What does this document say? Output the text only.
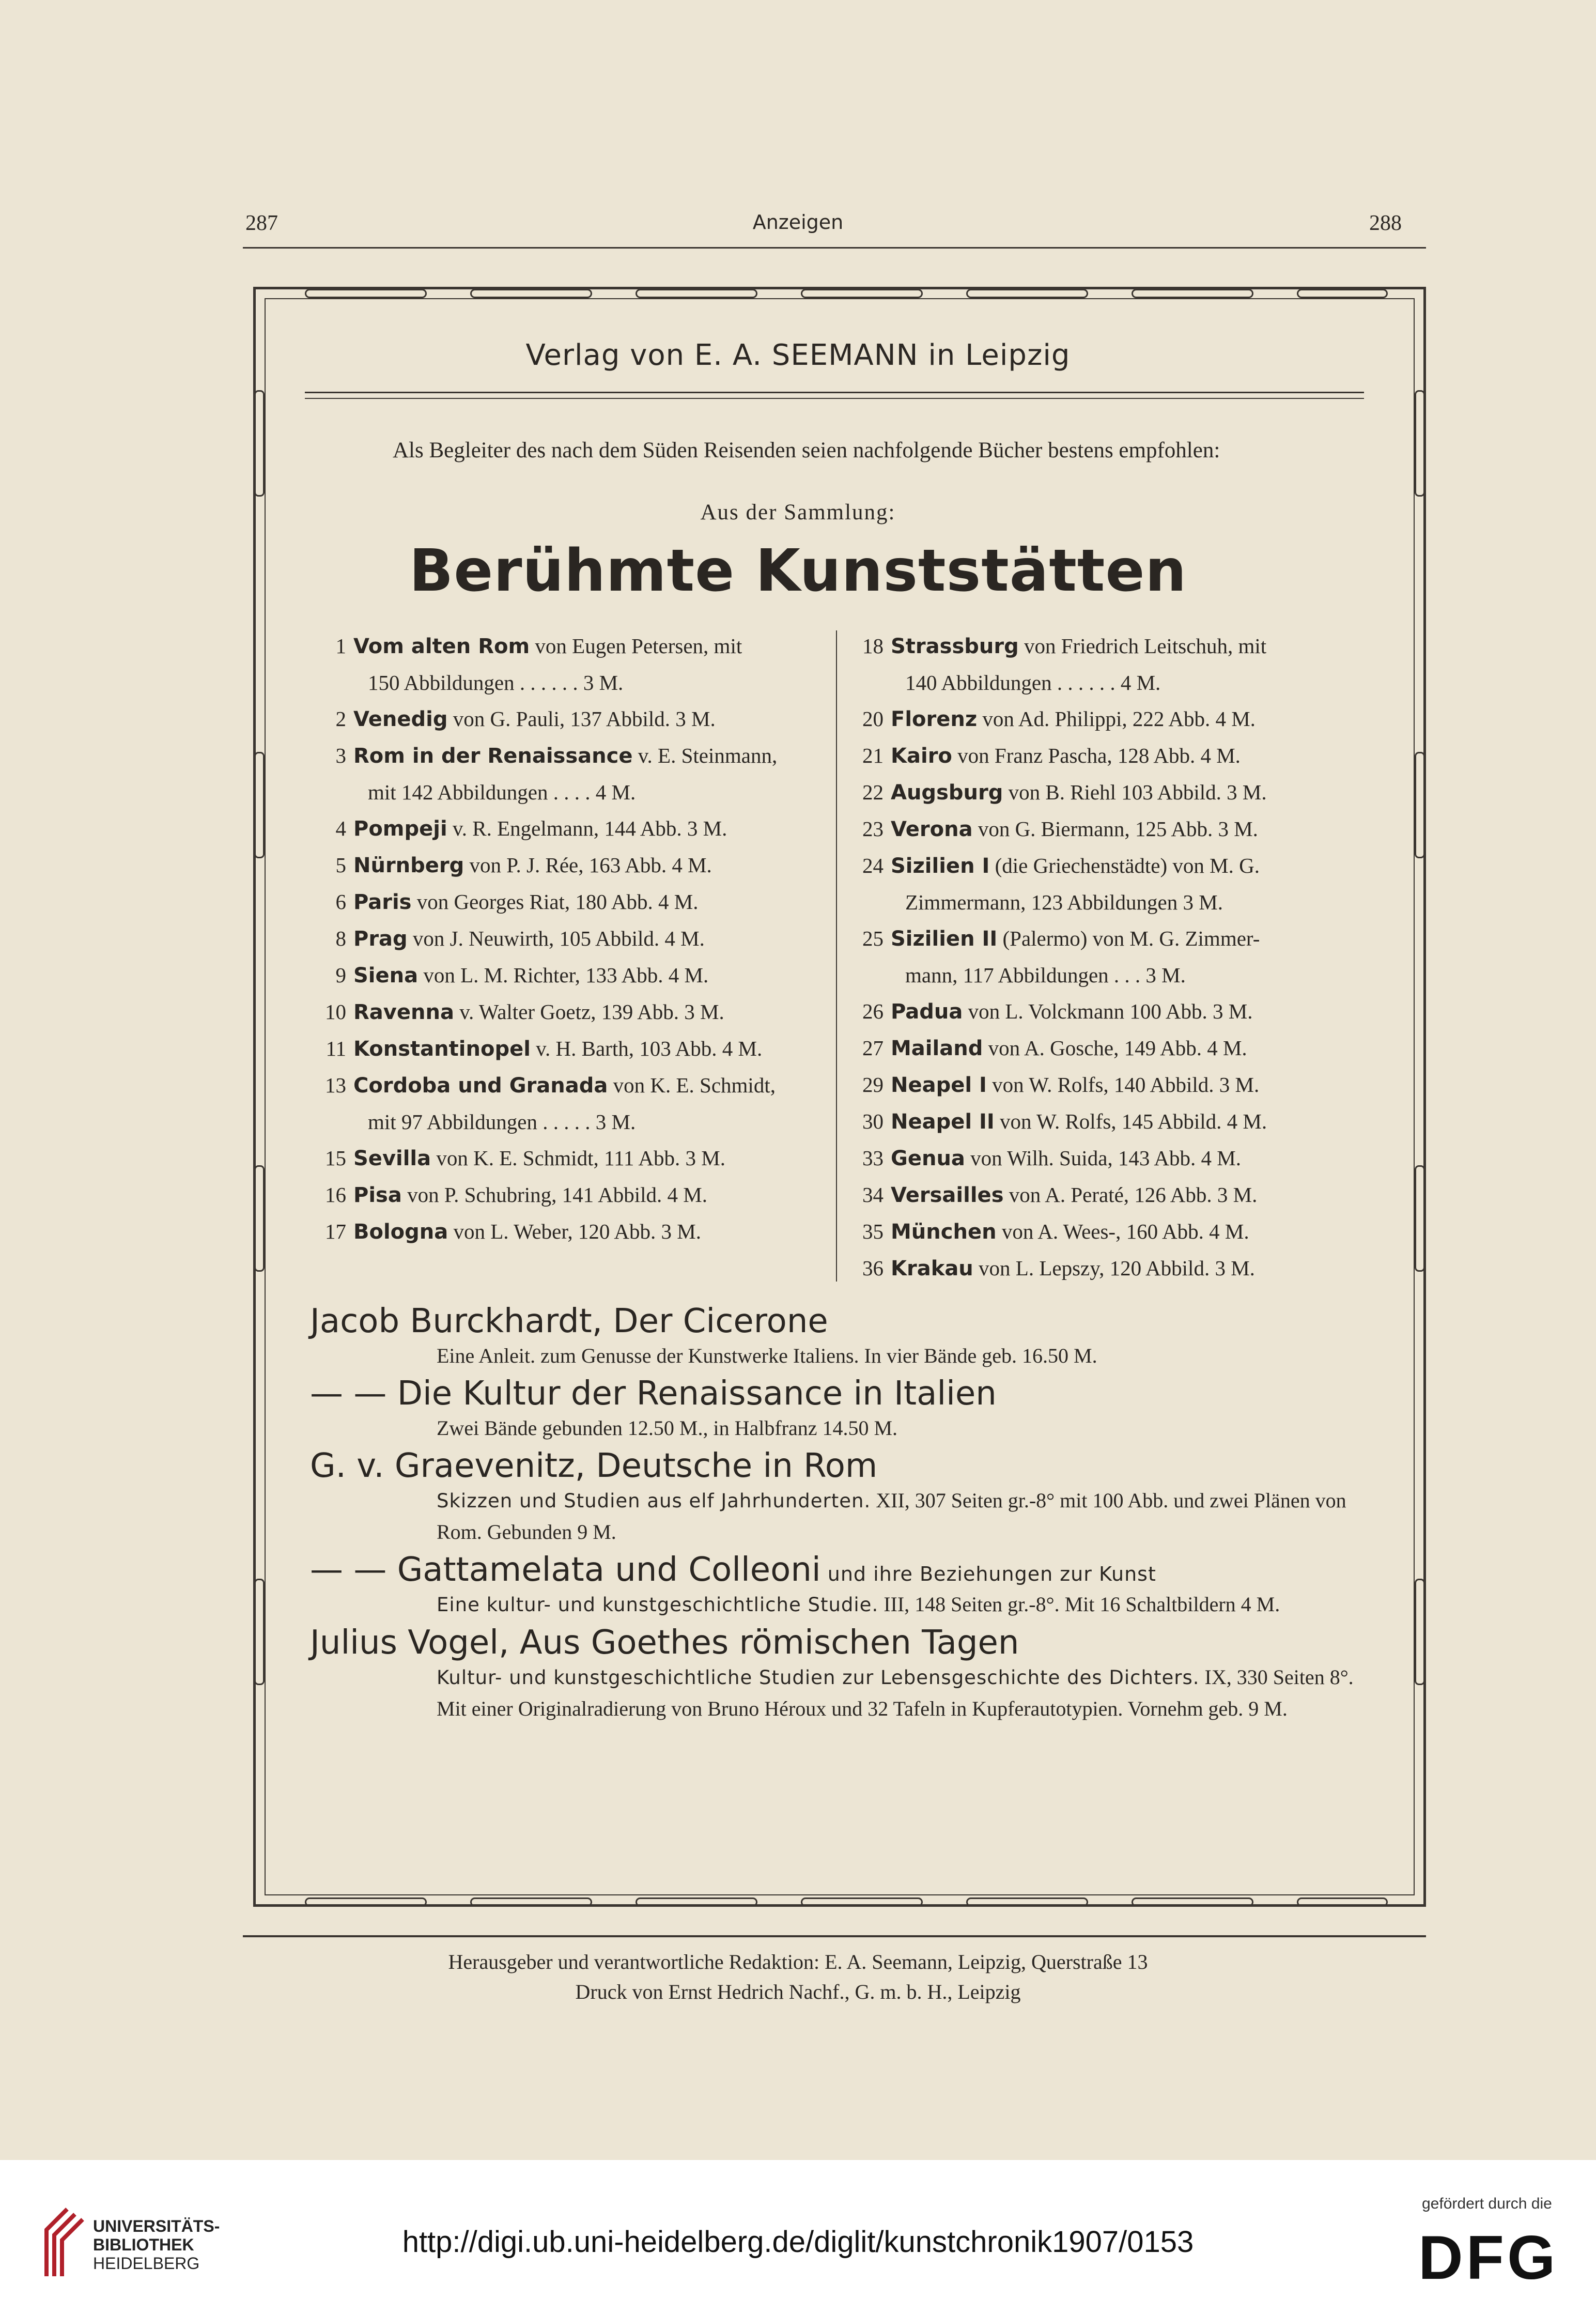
287	Anzeigen	288
Verlag von E. A. SEEMANN in Leipzig
Als Begleiter des nach dem Süden Reisenden seien nachfolgende Bücher bestens empfohlen:
Aus der Sammlung:
Berühmte Kunststätten
1 Vom alten Rom von Eugen Petersen, mit
150 Abbildungen . . . . . . 3 M.
2 Venedig von G. Pauli, 137 Abbild. 3 M.
3 Rom in der Renaissance v. E. Steinmann,
mit 142 Abbildungen . . . . 4 M.
4 Pompeji v. R. Engelmann, 144 Abb. 3 M.
5 Nürnberg von P. J. Rée, 163 Abb. 4 M.
6 Paris von Georges Riat, 180 Abb. 4 M.
8 Prag von J. Neuwirth, 105 Abbild. 4 M.
9 Siena von L. M. Richter, 133 Abb. 4 M.
10 Ravenna v. Walter Goetz, 139 Abb. 3 M.
11 Konstantinopel v. H. Barth, 103 Abb. 4 M.
13 Cordoba und Granada von K. E. Schmidt,
mit 97 Abbildungen . . . . . 3 M.
15 Sevilla von K. E. Schmidt, 111 Abb. 3 M.
16 Pisa von P. Schubring, 141 Abbild. 4 M.
17 Bologna von L. Weber, 120 Abb. 3 M.
18 Strassburg von Friedrich Leitschuh, mit
140 Abbildungen . . . . . . 4 M.
20 Florenz von Ad. Philippi, 222 Abb. 4 M.
21 Kairo von Franz Pascha, 128 Abb. 4 M.
22 Augsburg von B. Riehl 103 Abbild. 3 M.
23 Verona von G. Biermann, 125 Abb. 3 M.
24 Sizilien I (die Griechenstädte) von M. G.
Zimmermann, 123 Abbildungen 3 M.
25 Sizilien II (Palermo) von M. G. Zimmer-
mann, 117 Abbildungen . . . 3 M.
26 Padua von L. Volckmann 100 Abb. 3 M.
27 Mailand von A. Gosche, 149 Abb. 4 M.
29 Neapel I von W. Rolfs, 140 Abbild. 3 M.
30 Neapel II von W. Rolfs, 145 Abbild. 4 M.
33 Genua von Wilh. Suida, 143 Abb. 4 M.
34 Versailles von A. Peraté, 126 Abb. 3 M.
35 München von A. Wees-, 160 Abb. 4 M.
36 Krakau von L. Lepszy, 120 Abbild. 3 M.
Jacob Burckhardt, Der Cicerone
Eine Anleit. zum Genusse der Kunstwerke Italiens. In vier Bände geb. 16.50 M.
— — Die Kultur der Renaissance in Italien
Zwei Bände gebunden 12.50 M., in Halbfranz 14.50 M.
G. v. Graevenitz, Deutsche in Rom
Skizzen und Studien aus elf Jahrhunderten. XII, 307 Seiten gr.-8° mit 100 Abb. und zwei Plänen von Rom. Gebunden 9 M.
— — Gattamelata und Colleoni und ihre Beziehungen zur Kunst
Eine kultur- und kunstgeschichtliche Studie. III, 148 Seiten gr.-8°. Mit 16 Schaltbildern 4 M.
Julius Vogel, Aus Goethes römischen Tagen
Kultur- und kunstgeschichtliche Studien zur Lebensgeschichte des Dichters. IX, 330 Seiten 8°. Mit einer Originalradierung von Bruno Héroux und 32 Tafeln in Kupferautotypien. Vornehm geb. 9 M.
Herausgeber und verantwortliche Redaktion: E. A. Seemann, Leipzig, Querstraße 13
Druck von Ernst Hedrich Nachf., G. m. b. H., Leipzig
UNIVERSITÄTS-
BIBLIOTHEK
HEIDELBERG
http://digi.ub.uni-heidelberg.de/diglit/kunstchronik1907/0153
gefördert durch die
DFG
